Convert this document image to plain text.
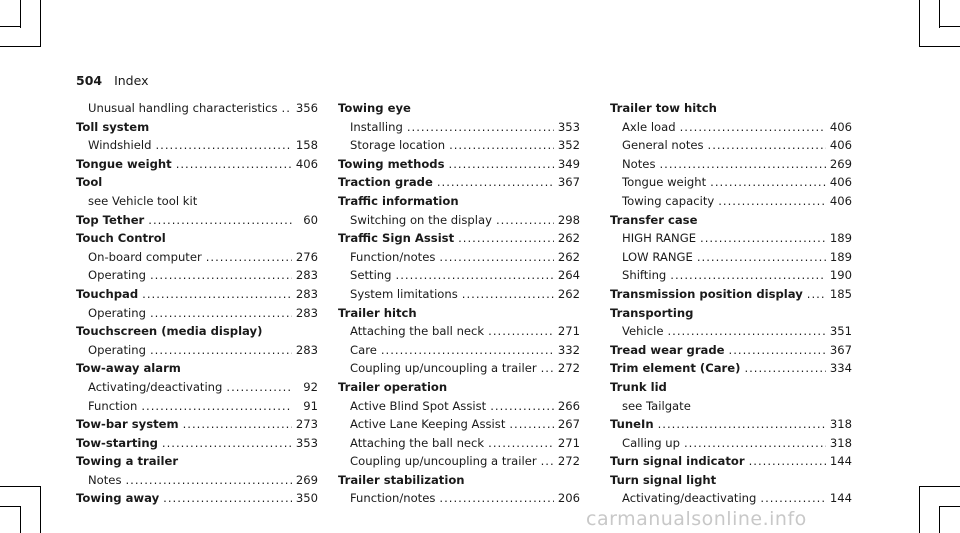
504 Index
Unusual handling characteristics ..... 356
Toll system
Windshield .....	158
Tongue weight .....	406
Tool
see Vehicle tool kit
Top Tether .....	60
Touch Control
On-board computer .....	276
Operating .....	283
Touchpad .....	283
Operating .....	283
Touchscreen (media display)
Operating .....	283
Tow-away alarm
Activating/deactivating .....	92
Function .....	91
Tow-bar system .....	273
Tow-starting .....	353
Towing a trailer
Notes .....	269
Towing away .....	350
Towing eye
Installing .....	353
Storage location .....	352
Towing methods .....	349
Traction grade .....	367
Traffic information
Switching on the display .....	298
Traffic Sign Assist .....	262
Function/notes .....	262
Setting .....	264
System limitations .....	262
Trailer hitch
Attaching the ball neck .....	271
Care .....	332
Coupling up/uncoupling a trailer ..... 272
Trailer operation
Active Blind Spot Assist .....	266
Active Lane Keeping Assist .....	267
Attaching the ball neck .....	271
Coupling up/uncoupling a trailer ..... 272
Trailer stabilization
Function/notes .....	206
Trailer tow hitch
Axle load .....	406
General notes .....	406
Notes .....	269
Tongue weight .....	406
Towing capacity .....	406
Transfer case
HIGH RANGE .....	189
LOW RANGE .....	189
Shifting .....	190
Transmission position display ..... 185
Transporting
Vehicle .....	351
Tread wear grade .....	367
Trim element (Care) .....	334
Trunk lid
see Tailgate
TuneIn .....	318
Calling up .....	318
Turn signal indicator .....	144
Turn signal light
Activating/deactivating .....	144
carmanualsonline.info
